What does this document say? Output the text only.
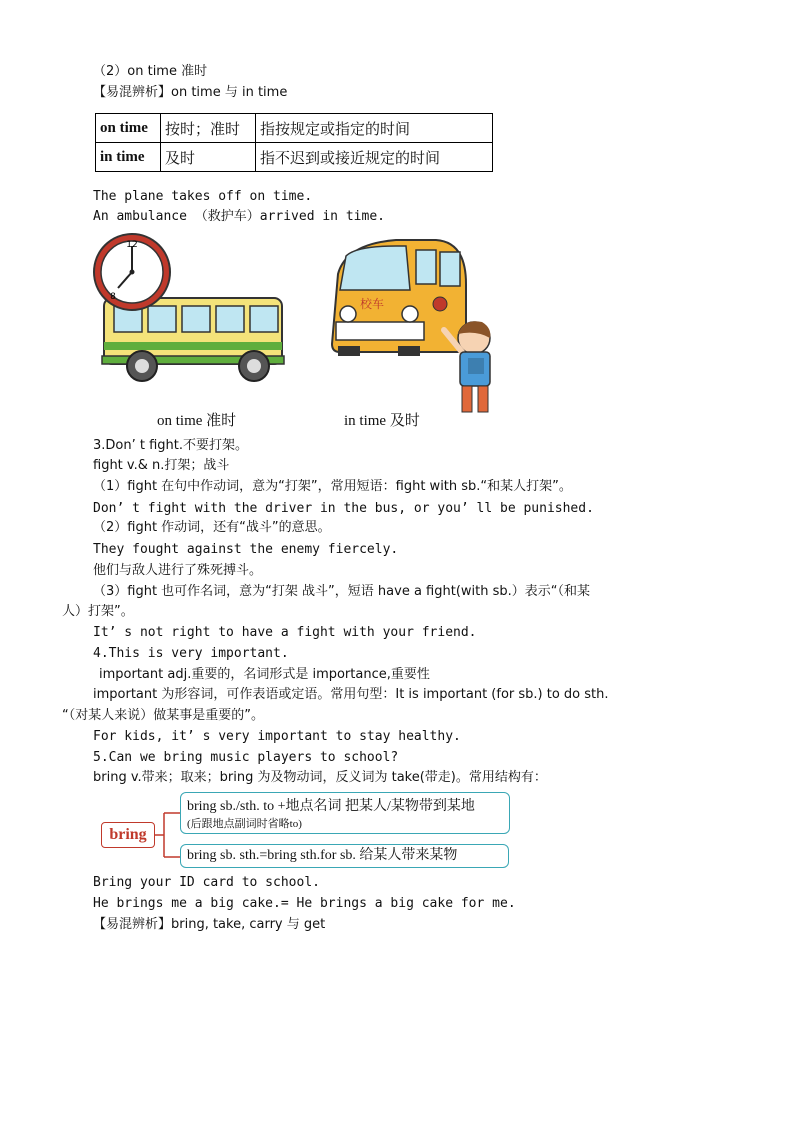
（2）on time 准时
【易混辨析】on time 与 in time
on time	按时；准时	指按规定或指定的时间
in time	及时	指不迟到或接近规定的时间
The plane takes off on time.
An ambulance （救护车）arrived in time.
12
8	校车
on time 准时	in time 及时
3.Don’ t fight.不要打架。
fight v.& n.打架；战斗
（1）fight 在句中作动词，意为“打架”，常用短语：fight with sb.“和某人打架”。
Don’ t fight with the driver in the bus, or you’ ll be punished.
（2）fight 作动词，还有“战斗”的意思。
They fought against the enemy fiercely.
他们与敌人进行了殊死搏斗。
（3）fight 也可作名词，意为“打架 战斗”，短语 have a fight(with sb.）表示“（和某
人）打架”。
It’ s not right to have a fight with your friend.
4.This is very important.
important adj.重要的，名词形式是 importance,重要性
important 为形容词，可作表语或定语。常用句型：It is important (for sb.) to do sth.
“（对某人来说）做某事是重要的”。
For kids, it’ s very important to stay healthy.
5.Can we bring music players to school?
bring v.带来；取来；bring 为及物动词，反义词为 take(带走)。常用结构有：
bring
bring sb./sth. to +地点名词 把某人/某物带到某地
(后跟地点副词时省略to)
bring sb. sth.=bring sth.for sb. 给某人带来某物
Bring your ID card to school.
He brings me a big cake.= He brings a big cake for me.
【易混辨析】bring, take, carry 与 get
